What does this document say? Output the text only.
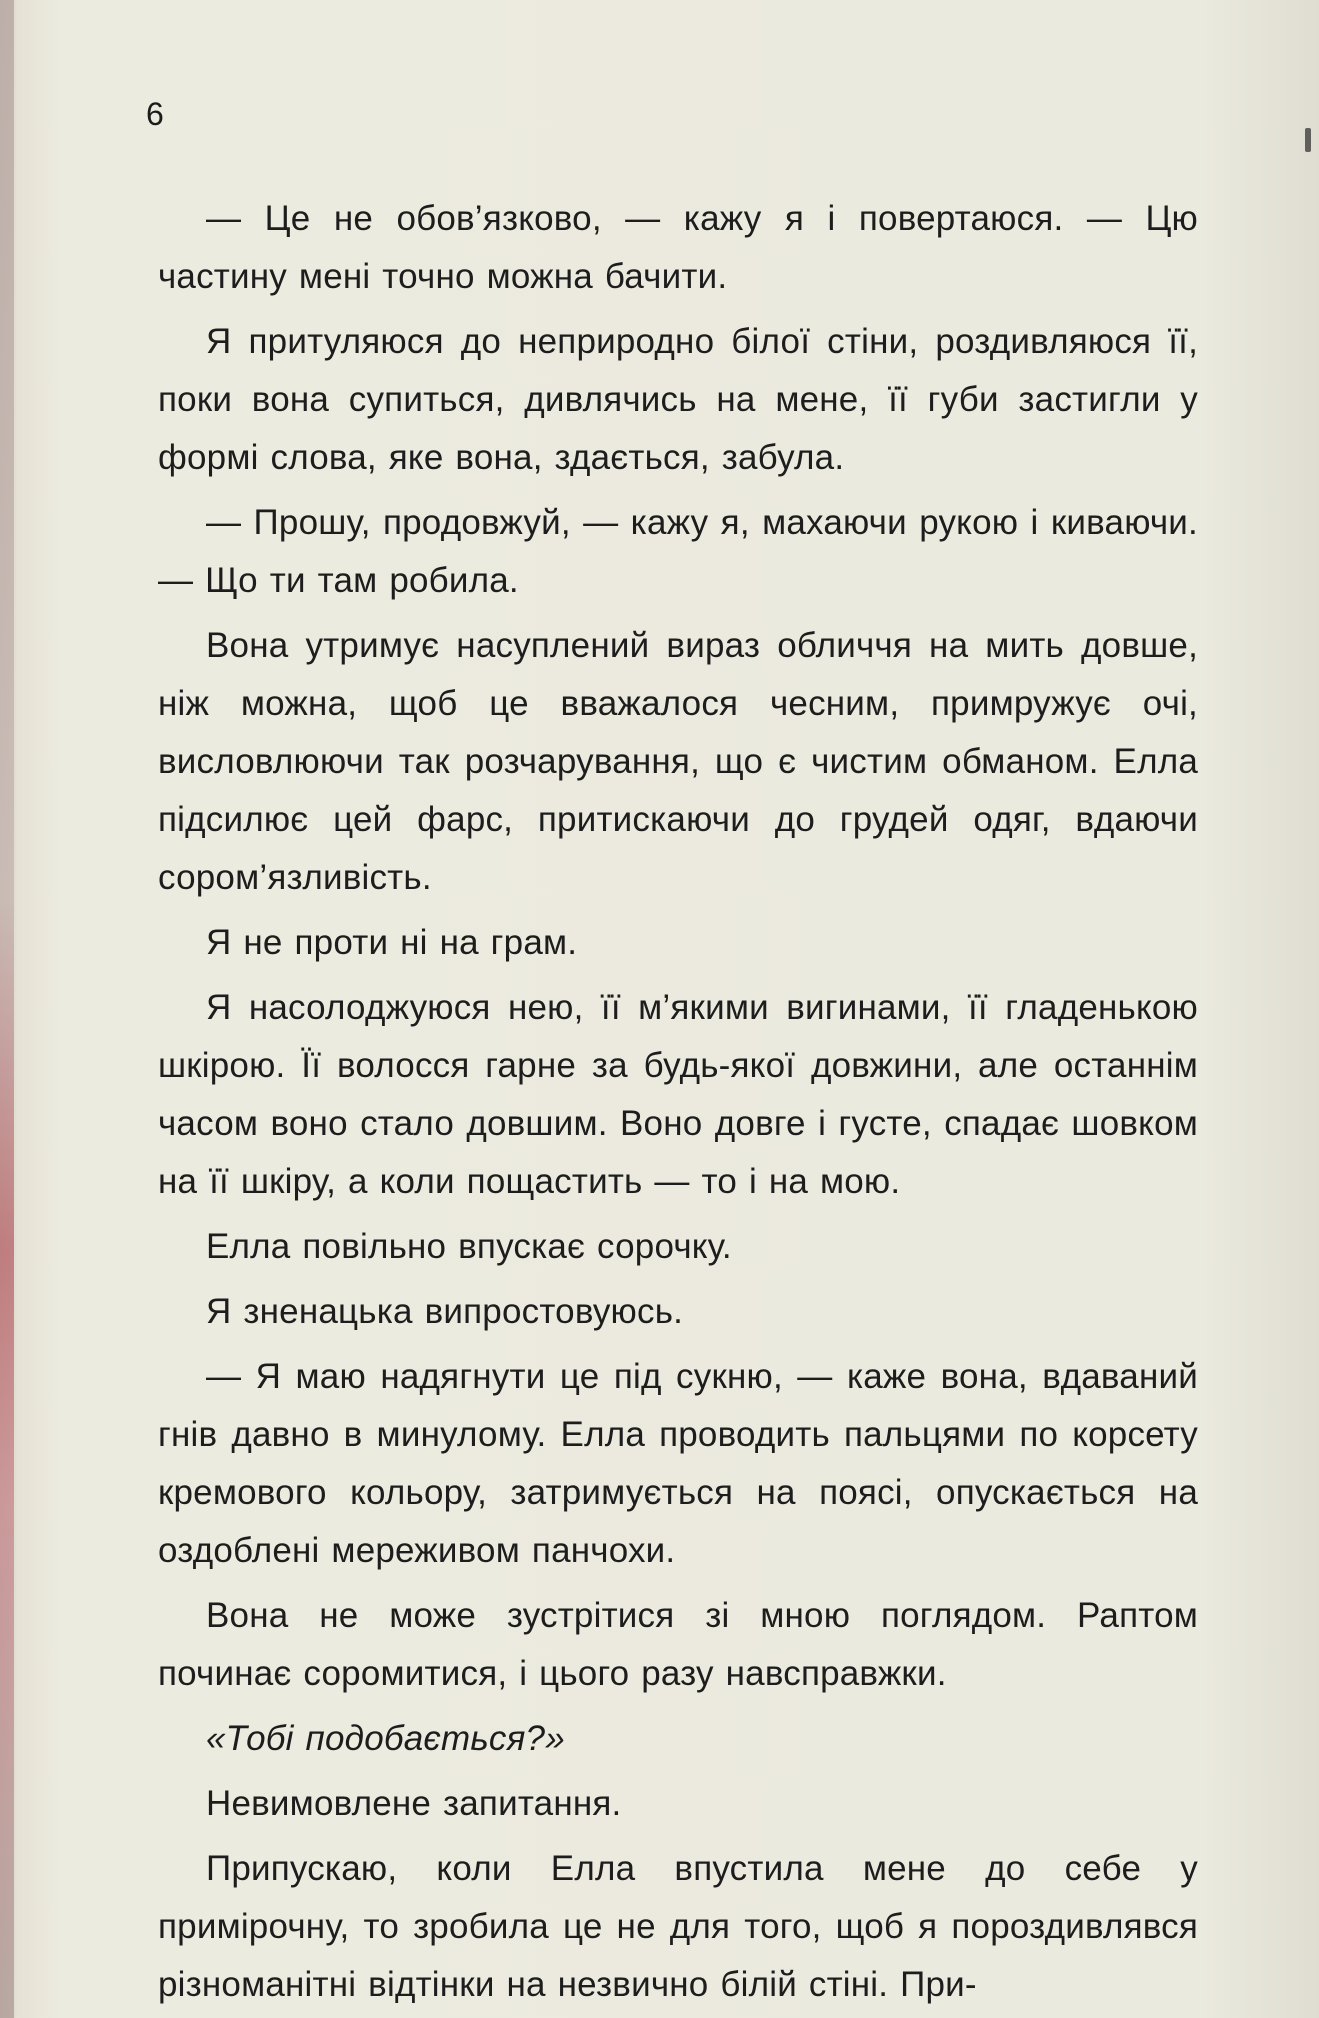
6

— Це не обов’язково, — кажу я і повертаюся. — Цю частину мені точно можна бачити.

Я притуляюся до неприродно білої стіни, роздивляюся її, поки вона супиться, дивлячись на мене, її губи застигли у формі слова, яке вона, здається, забула.

— Прошу, продовжуй, — кажу я, махаючи рукою і киваючи. — Що ти там робила.

Вона утримує насуплений вираз обличчя на мить довше, ніж можна, щоб це вважалося чесним, примружує очі, висловлюючи так розчарування, що є чистим обманом. Елла підсилює цей фарс, притискаючи до грудей одяг, вдаючи сором’язливість.

Я не проти ні на грам.

Я насолоджуюся нею, її м’якими вигинами, її гладенькою шкірою. Її волосся гарне за будь-якої довжини, але останнім часом воно стало довшим. Воно довге і густе, спадає шовком на її шкіру, а коли пощастить — то і на мою.

Елла повільно впускає сорочку.

Я зненацька випростовуюсь.

— Я маю надягнути це під сукню, — каже вона, вдаваний гнів давно в минулому. Елла проводить пальцями по корсету кремового кольору, затримується на поясі, опускається на оздоблені мереживом панчохи.

Вона не може зустрітися зі мною поглядом. Раптом починає соромитися, і цього разу навсправжки.

«Тобі подобається?»

Невимовлене запитання.

Припускаю, коли Елла впустила мене до себе у примірочну, то зробила це не для того, щоб я пороздивлявся різноманітні відтінки на незвично білій стіні. При-
